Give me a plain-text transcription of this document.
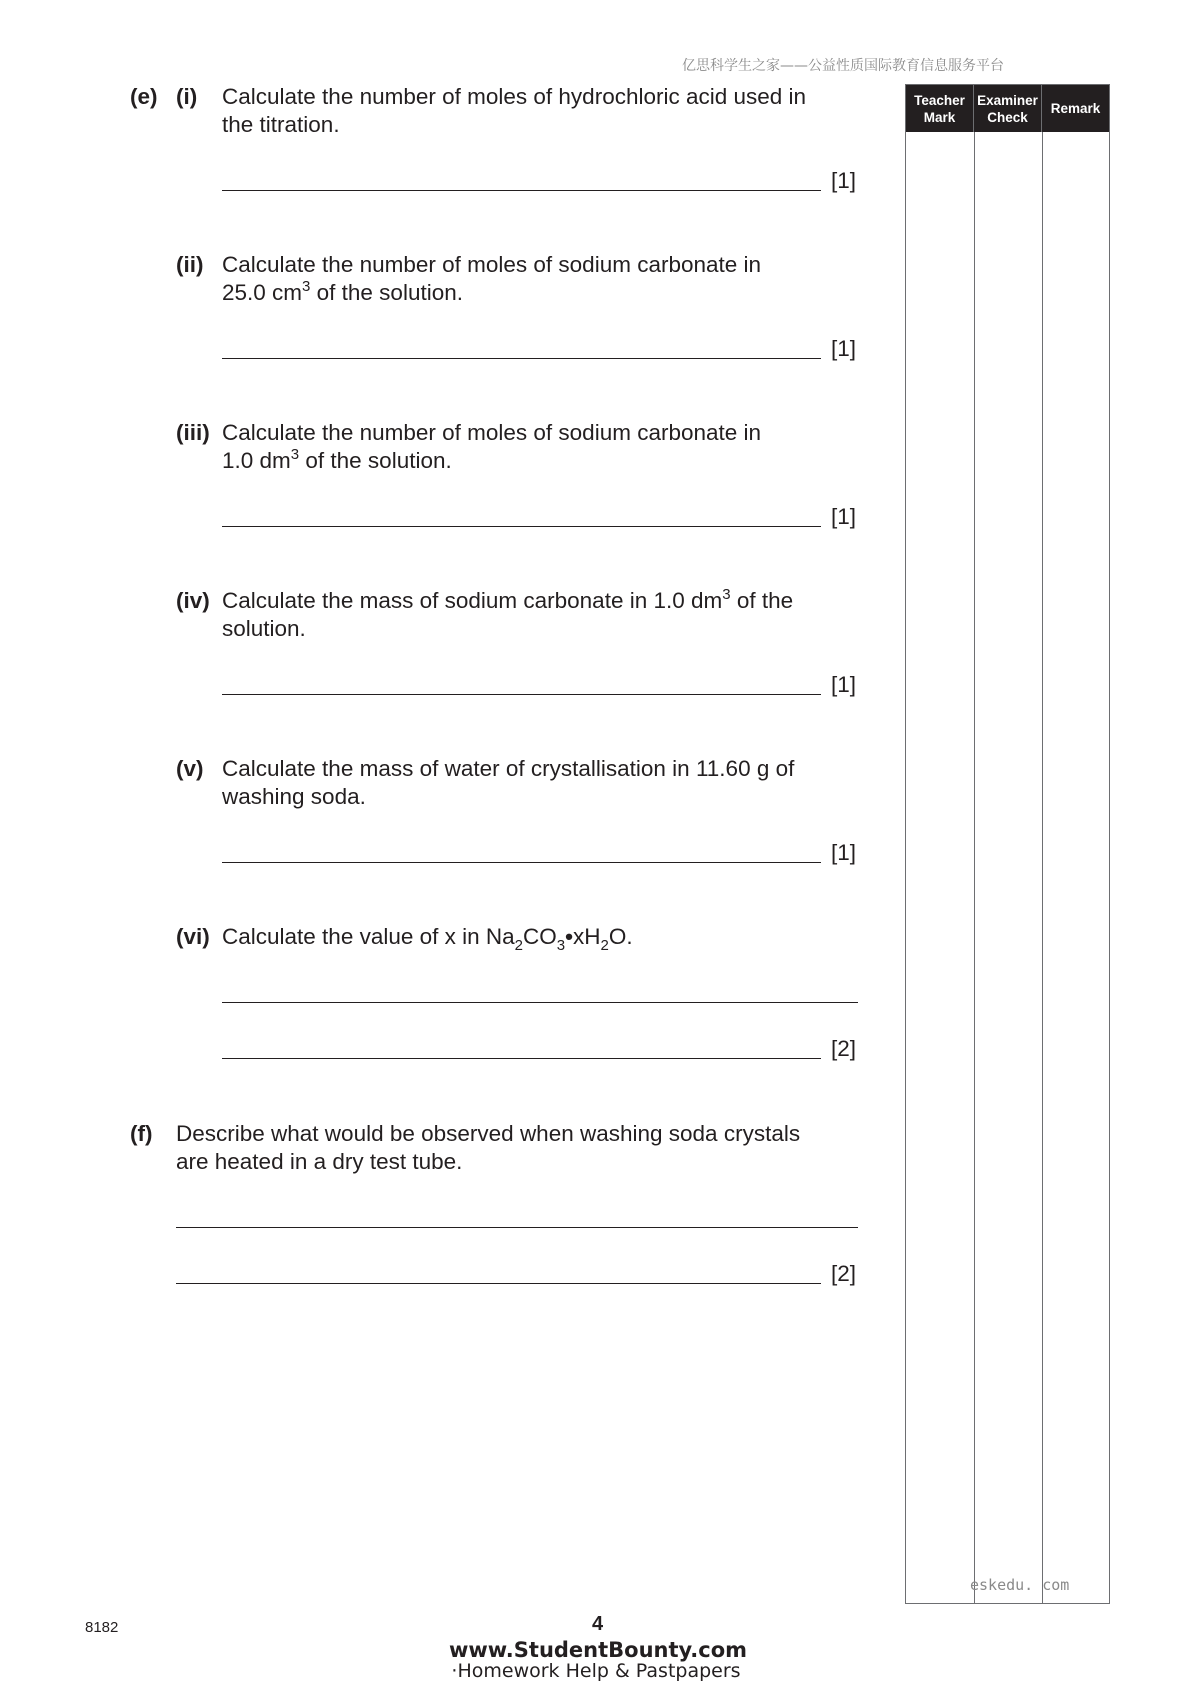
亿思科学生之家——公益性质国际教育信息服务平台
Teacher
Mark
Examiner
Check
Remark
(e) (i) Calculate the number of moles of hydrochloric acid used in
the titration.
[1]
(ii) Calculate the number of moles of sodium carbonate in
25.0 $cm^3$ of the solution.
[1]
(iii) Calculate the number of moles of sodium carbonate in
1.0 $dm^3$ of the solution.
[1]
(iv) Calculate the mass of sodium carbonate in 1.0 $dm^3$ of the
solution.
[1]
(v) Calculate the mass of water of crystallisation in 11.60 g of
washing soda.
[1]
(vi) Calculate the value of x in $Na_2CO_3•xH_2O$.
[2]
(f) Describe what would be observed when washing soda crystals
are heated in a dry test tube.
[2]
eskedu. com
8182	4
www.StudentBounty.com
·Homework Help & Pastpapers
